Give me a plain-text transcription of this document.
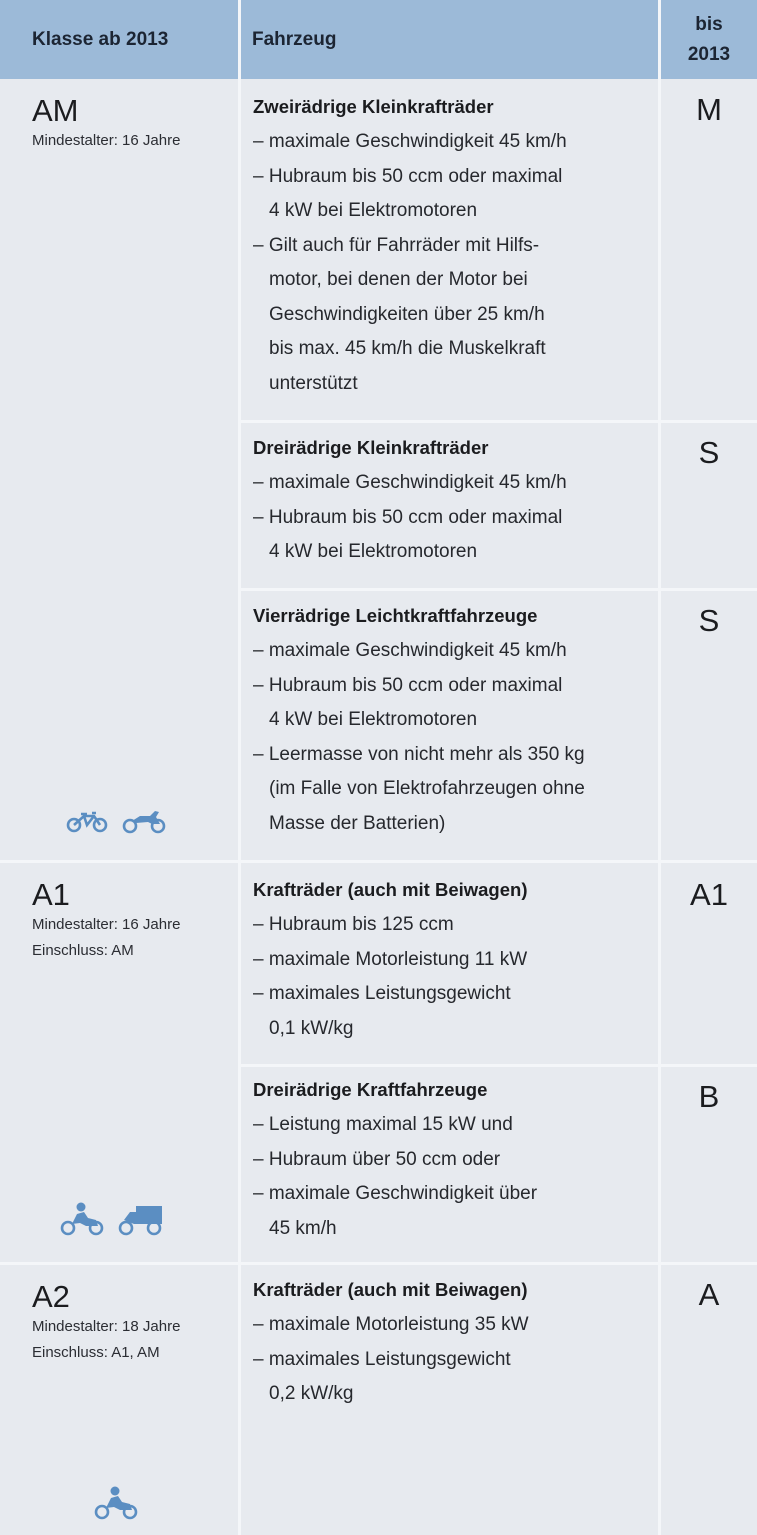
Klasse ab 2013	Fahrzeug
bis
2013
AM
Mindestalter: 16 Jahre
Zweirädrige Kleinkrafträder
– maximale Geschwindigkeit 45 km/h
– Hubraum bis 50 ccm oder maximal
4 kW bei Elektromotoren
– Gilt auch für Fahrräder mit Hilfs-
motor, bei denen der Motor bei
Geschwindigkeiten über 25 km/h
bis max. 45 km/h die Muskelkraft
unterstützt
M
Dreirädrige Kleinkrafträder
– maximale Geschwindigkeit 45 km/h
– Hubraum bis 50 ccm oder maximal
4 kW bei Elektromotoren
S
Vierrädrige Leichtkraftfahrzeuge
– maximale Geschwindigkeit 45 km/h
– Hubraum bis 50 ccm oder maximal
4 kW bei Elektromotoren
– Leermasse von nicht mehr als 350 kg
(im Falle von Elektrofahrzeugen ohne
Masse der Batterien)
S
A1
Mindestalter: 16 Jahre
Einschluss: AM
Krafträder (auch mit Beiwagen)
– Hubraum bis 125 ccm
– maximale Motorleistung 11 kW
– maximales Leistungsgewicht
0,1 kW/kg
A1
Dreirädrige Kraftfahrzeuge
– Leistung maximal 15 kW und
– Hubraum über 50 ccm oder
– maximale Geschwindigkeit über
45 km/h
B
A2
Mindestalter: 18 Jahre
Einschluss: A1, AM
Krafträder (auch mit Beiwagen)
– maximale Motorleistung 35 kW
– maximales Leistungsgewicht
0,2 kW/kg
A
